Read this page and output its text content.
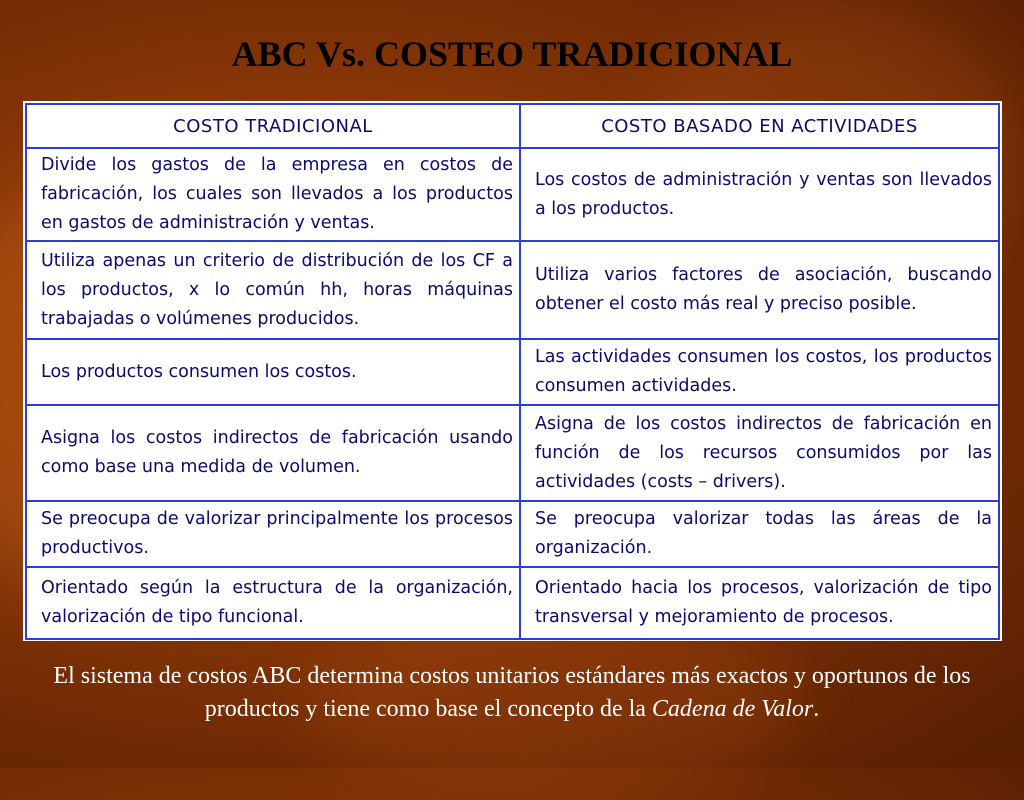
ABC Vs. COSTEO TRADICIONAL
COSTO TRADICIONAL	COSTO BASADO EN ACTIVIDADES
Divide los gastos de la empresa en costos de fabricación, los cuales son llevados a los productos en gastos de administración y ventas.	Los costos de administración y ventas son llevados a los productos.
Utiliza apenas un criterio de distribución de los CF a los productos, x lo común hh, horas máquinas trabajadas o volúmenes producidos.	Utiliza varios factores de asociación, buscando obtener el costo más real y preciso posible.
Los productos consumen los costos.	Las actividades consumen los costos, los productos consumen actividades.
Asigna los costos indirectos de fabricación usando como base una medida de volumen.	Asigna de los costos indirectos de fabricación en función de los recursos consumidos por las actividades (costs – drivers).
Se preocupa de valorizar principalmente los procesos productivos.	Se preocupa valorizar todas las áreas de la organización.
Orientado según la estructura de la organización, valorización de tipo funcional.	Orientado hacia los procesos, valorización de tipo transversal y mejoramiento de procesos.

El sistema de costos ABC determina costos unitarios estándares más exactos y oportunos de los productos y tiene como base el concepto de la Cadena de Valor.
